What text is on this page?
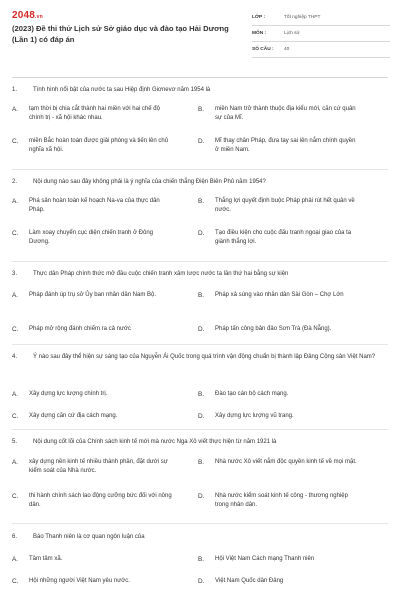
2048.vn
(2023) Đề thi thử Lịch sử Sở giáo dục và đào tạo Hải Dương (Lần 1) có đáp án
LỚP :	Tốt nghiệp THPT
MÔN :	Lịch sử
SỐ CÂU :	40
1.	Tình hình nổi bật của nước ta sau Hiệp định Giơnevơ năm 1954 là
A.	tạm thời bị chia cắt thành hai miền với hai chế độ chính trị - xã hội khác nhau.
B.	miền Nam trở thành thuộc địa kiểu mới, căn cứ quân sự của Mĩ.
C.	miền Bắc hoàn toàn được giải phóng và tiến lên chủ nghĩa xã hội.
D.	Mĩ thay chân Pháp, đưa tay sai lên nắm chính quyền ở miền Nam.
2.	Nội dung nào sau đây không phải là ý nghĩa của chiến thắng Điện Biên Phủ năm 1954?
A.	Phá sản hoàn toàn kế hoạch Na-va của thực dân Pháp.
B.	Thắng lợi quyết định buộc Pháp phải rút hết quân về nước.
C.	Làm xoay chuyển cục diện chiến tranh ở Đông Dương.
D.	Tạo điều kiện cho cuộc đấu tranh ngoại giao của ta giành thắng lợi.
3.	Thực dân Pháp chính thức mở đầu cuộc chiến tranh xâm lược nước ta lần thứ hai bằng sự kiện
A.	Pháp đánh úp trụ sở Ủy ban nhân dân Nam Bộ.	B.	Pháp xả súng vào nhân dân Sài Gòn – Chợ Lớn
C.	Pháp mở rộng đánh chiếm ra cả nước	D.	Pháp tấn công bản đảo Sơn Trà (Đà Nẵng).
4.	Ý nào sau đây thể hiện sự sáng tạo của Nguyễn Ái Quốc trong quá trình vận động chuẩn bị thành lập Đảng Cộng sản Việt Nam?
A.	Xây dựng lực lượng chính trị.	B.	Đào tạo cán bộ cách mạng.
C.	Xây dựng căn cứ địa cách mạng.	D.	Xây dựng lực lượng vũ trang.
5.	Nội dung cốt lõi của Chính sách kinh tế mới mà nước Nga Xô viết thực hiện từ năm 1921 là
A.	xây dựng nền kinh tế nhiều thành phần, đặt dưới sự kiểm soát của Nhà nước.
B.	Nhà nước Xô viết nắm độc quyền kinh tế về mọi mặt.
C.	thi hành chính sách lao động cưỡng bức đối với nông dân.
D.	Nhà nước kiểm soát kinh tế công - thương nghiệp trong nhân dân.
6.	Báo Thanh niên là cơ quan ngôn luận của
A.	Tâm tâm xã.	B.	Hội Việt Nam Cách mạng Thanh niên
C.	Hội những người Việt Nam yêu nước.	D.	Việt Nam Quốc dân Đảng
